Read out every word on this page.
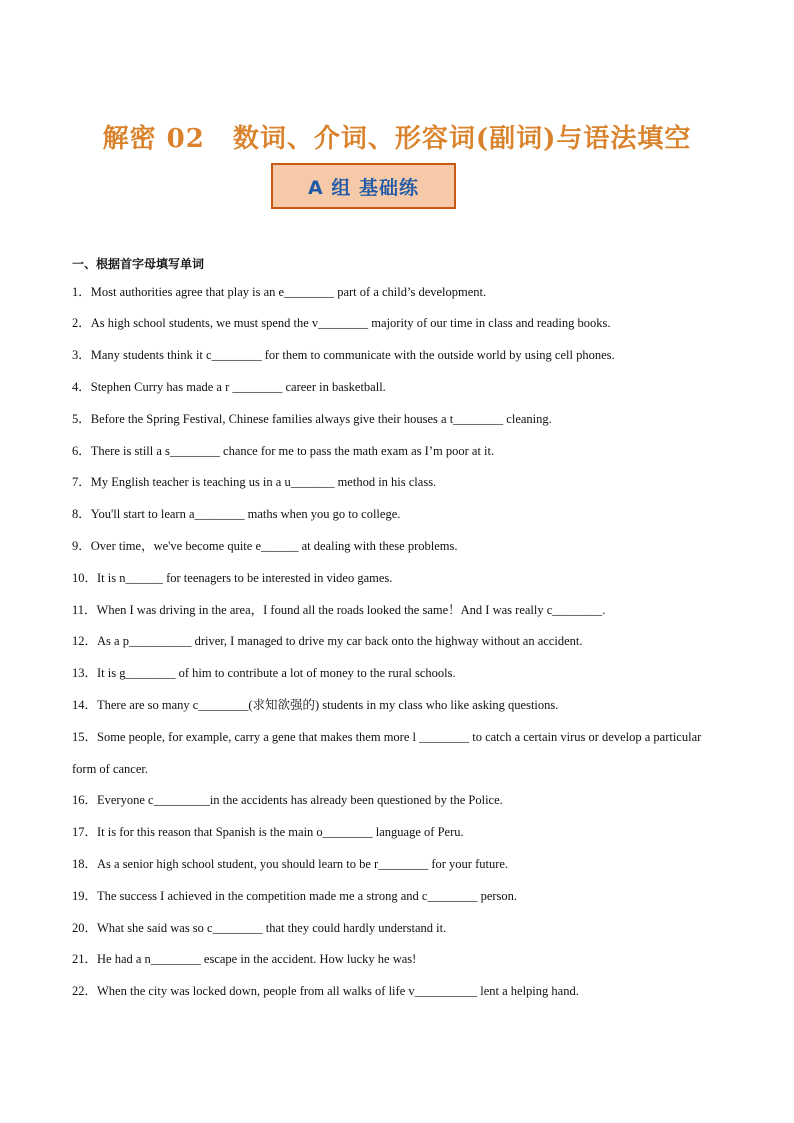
解密 02 数词、介词、形容词(副词)与语法填空
A 组 基础练
一、根据首字母填写单词
1．Most authorities agree that play is an e________ part of a child’s development.
2．As high school students, we must spend the v________ majority of our time in class and reading books.
3．Many students think it c________ for them to communicate with the outside world by using cell phones.
4．Stephen Curry has made a r ________ career in basketball.
5．Before the Spring Festival, Chinese families always give their houses a t________ cleaning.
6．There is still a s________ chance for me to pass the math exam as I’m poor at it.
7．My English teacher is teaching us in a u_______ method in his class.
8．You'll start to learn a________ maths when you go to college.
9．Over time，we've become quite e______ at dealing with these problems.
10．It is n______ for teenagers to be interested in video games.
11．When I was driving in the area，I found all the roads looked the same！And I was really c________.
12．As a p__________ driver, I managed to drive my car back onto the highway without an accident.
13．It is g________ of him to contribute a lot of money to the rural schools.
14．There are so many c________(求知欲强的) students in my class who like asking questions.
15．Some people, for example, carry a gene that makes them more l ________ to catch a certain virus or develop a particular form of cancer.
16．Everyone c_________in the accidents has already been questioned by the Police.
17．It is for this reason that Spanish is the main o________ language of Peru.
18．As a senior high school student, you should learn to be r________ for your future.
19．The success I achieved in the competition made me a strong and c________ person.
20．What she said was so c________ that they could hardly understand it.
21．He had a n________ escape in the accident. How lucky he was!
22．When the city was locked down, people from all walks of life v__________ lent a helping hand.
